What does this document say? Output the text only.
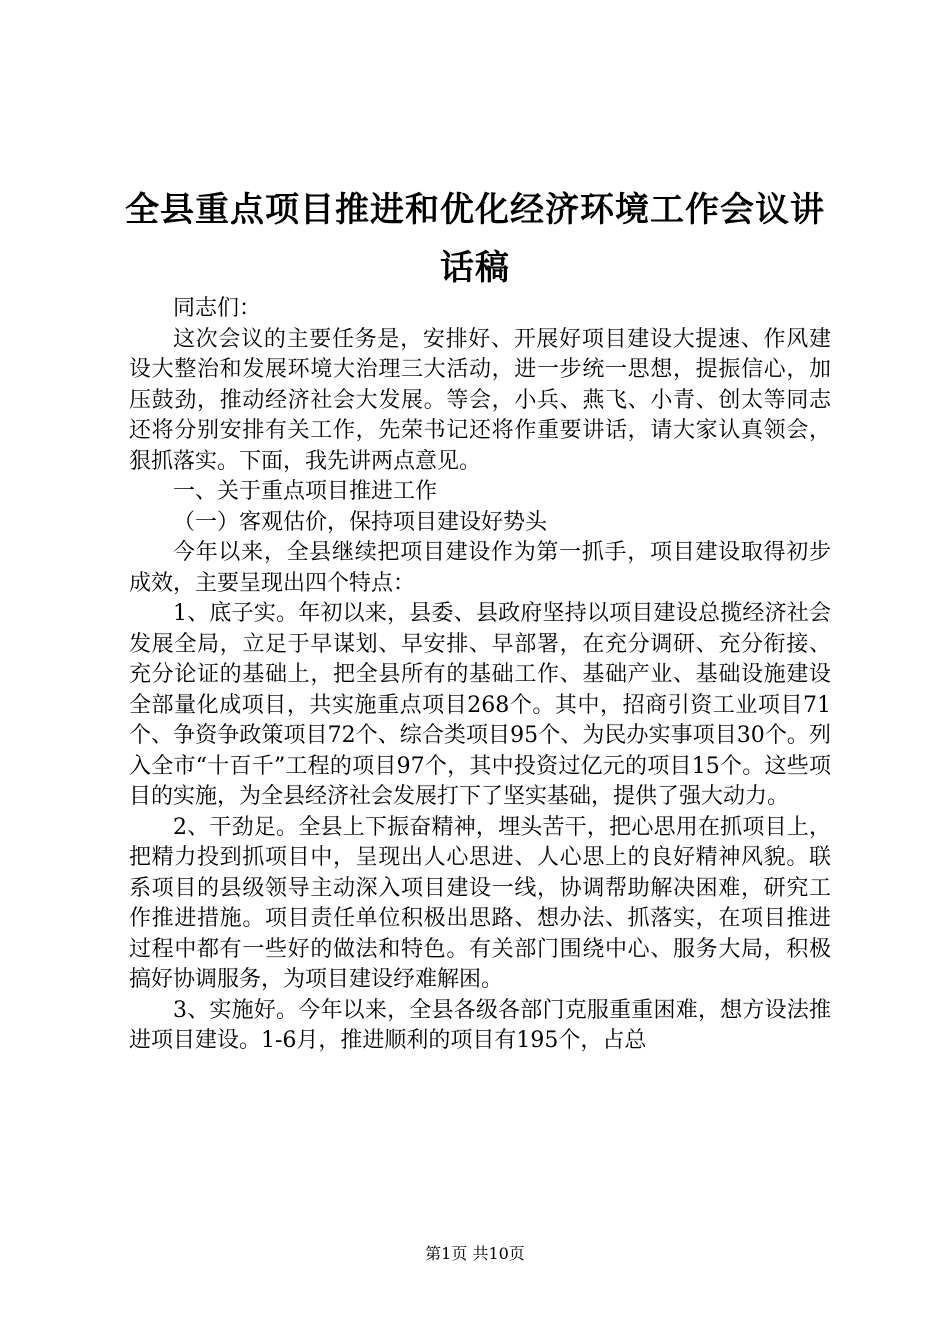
全县重点项目推进和优化经济环境工作会议讲
话稿

同志们：

这次会议的主要任务是，安排好、开展好项目建设大提速、作风建设大整治和发展环境大治理三大活动，进一步统一思想，提振信心，加压鼓劲，推动经济社会大发展。等会，小兵、燕飞、小青、创太等同志还将分别安排有关工作，先荣书记还将作重要讲话，请大家认真领会，狠抓落实。下面，我先讲两点意见。

一、关于重点项目推进工作

（一）客观估价，保持项目建设好势头

今年以来，全县继续把项目建设作为第一抓手，项目建设取得初步成效，主要呈现出四个特点：

1、底子实。年初以来，县委、县政府坚持以项目建设总揽经济社会发展全局，立足于早谋划、早安排、早部署，在充分调研、充分衔接、充分论证的基础上，把全县所有的基础工作、基础产业、基础设施建设全部量化成项目，共实施重点项目268个。其中，招商引资工业项目71个、争资争政策项目72个、综合类项目95个、为民办实事项目30个。列入全市“十百千”工程的项目97个，其中投资过亿元的项目15个。这些项目的实施，为全县经济社会发展打下了坚实基础，提供了强大动力。

2、干劲足。全县上下振奋精神，埋头苦干，把心思用在抓项目上，把精力投到抓项目中，呈现出人心思进、人心思上的良好精神风貌。联系项目的县级领导主动深入项目建设一线，协调帮助解决困难，研究工作推进措施。项目责任单位积极出思路、想办法、抓落实，在项目推进过程中都有一些好的做法和特色。有关部门围绕中心、服务大局，积极搞好协调服务，为项目建设纾难解困。

3、实施好。今年以来，全县各级各部门克服重重困难，想方设法推进项目建设。1-6月，推进顺利的项目有195个，占总

第1页 共10页
